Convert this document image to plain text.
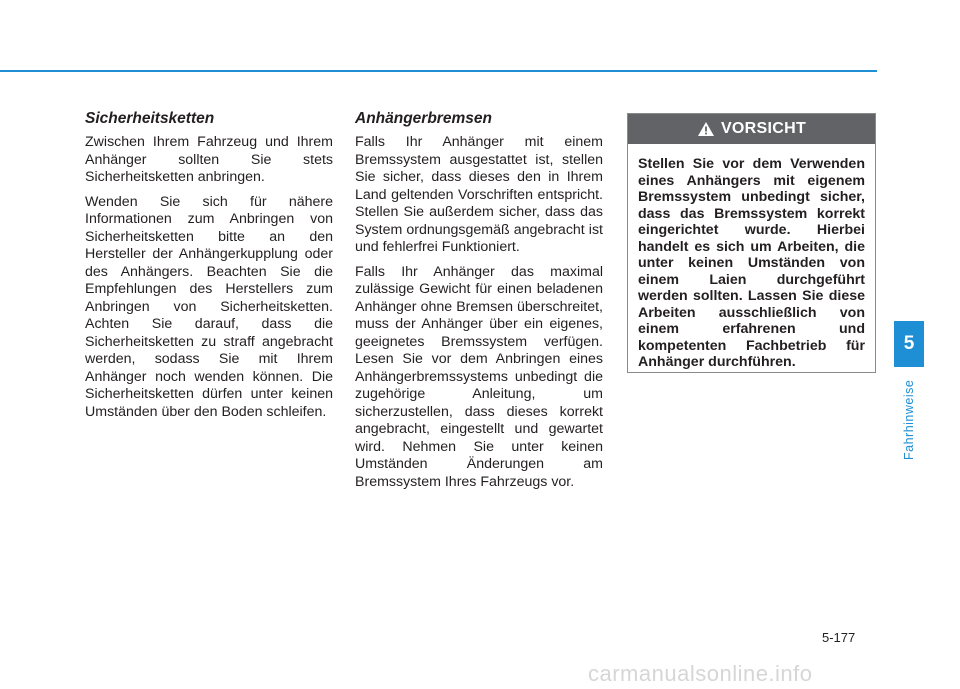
Sicherheitsketten

Zwischen Ihrem Fahrzeug und Ihrem Anhänger sollten Sie stets Sicherheitsketten anbringen.

Wenden Sie sich für nähere Informationen zum Anbringen von Sicherheitsketten bitte an den Hersteller der Anhängerkupplung oder des Anhängers. Beachten Sie die Empfehlungen des Herstellers zum Anbringen von Sicherheitsketten. Achten Sie darauf, dass die Sicherheitsketten zu straff angebracht werden, sodass Sie mit Ihrem Anhänger noch wenden können. Die Sicherheitsketten dürfen unter keinen Umständen über den Boden schleifen.

Anhängerbremsen

Falls Ihr Anhänger mit einem Bremssystem ausgestattet ist, stellen Sie sicher, dass dieses den in Ihrem Land geltenden Vorschriften entspricht. Stellen Sie außerdem sicher, dass das System ordnungsgemäß angebracht ist und fehlerfrei Funktioniert.

Falls Ihr Anhänger das maximal zulässige Gewicht für einen beladenen Anhänger ohne Bremsen überschreitet, muss der Anhänger über ein eigenes, geeignetes Bremssystem verfügen. Lesen Sie vor dem Anbringen eines Anhängerbremssystems unbedingt die zugehörige Anleitung, um sicherzustellen, dass dieses korrekt angebracht, eingestellt und gewartet wird. Nehmen Sie unter keinen Umständen Änderungen am Bremssystem Ihres Fahrzeugs vor.

VORSICHT

Stellen Sie vor dem Verwenden eines Anhängers mit eigenem Bremssystem unbedingt sicher, dass das Bremssystem korrekt eingerichtet wurde. Hierbei handelt es sich um Arbeiten, die unter keinen Umständen von einem Laien durchgeführt werden sollten. Lassen Sie diese Arbeiten ausschließlich von einem erfahrenen und kompetenten Fachbetrieb für Anhänger durchführen.

5
Fahrhinweise
5-177
carmanualsonline.info
